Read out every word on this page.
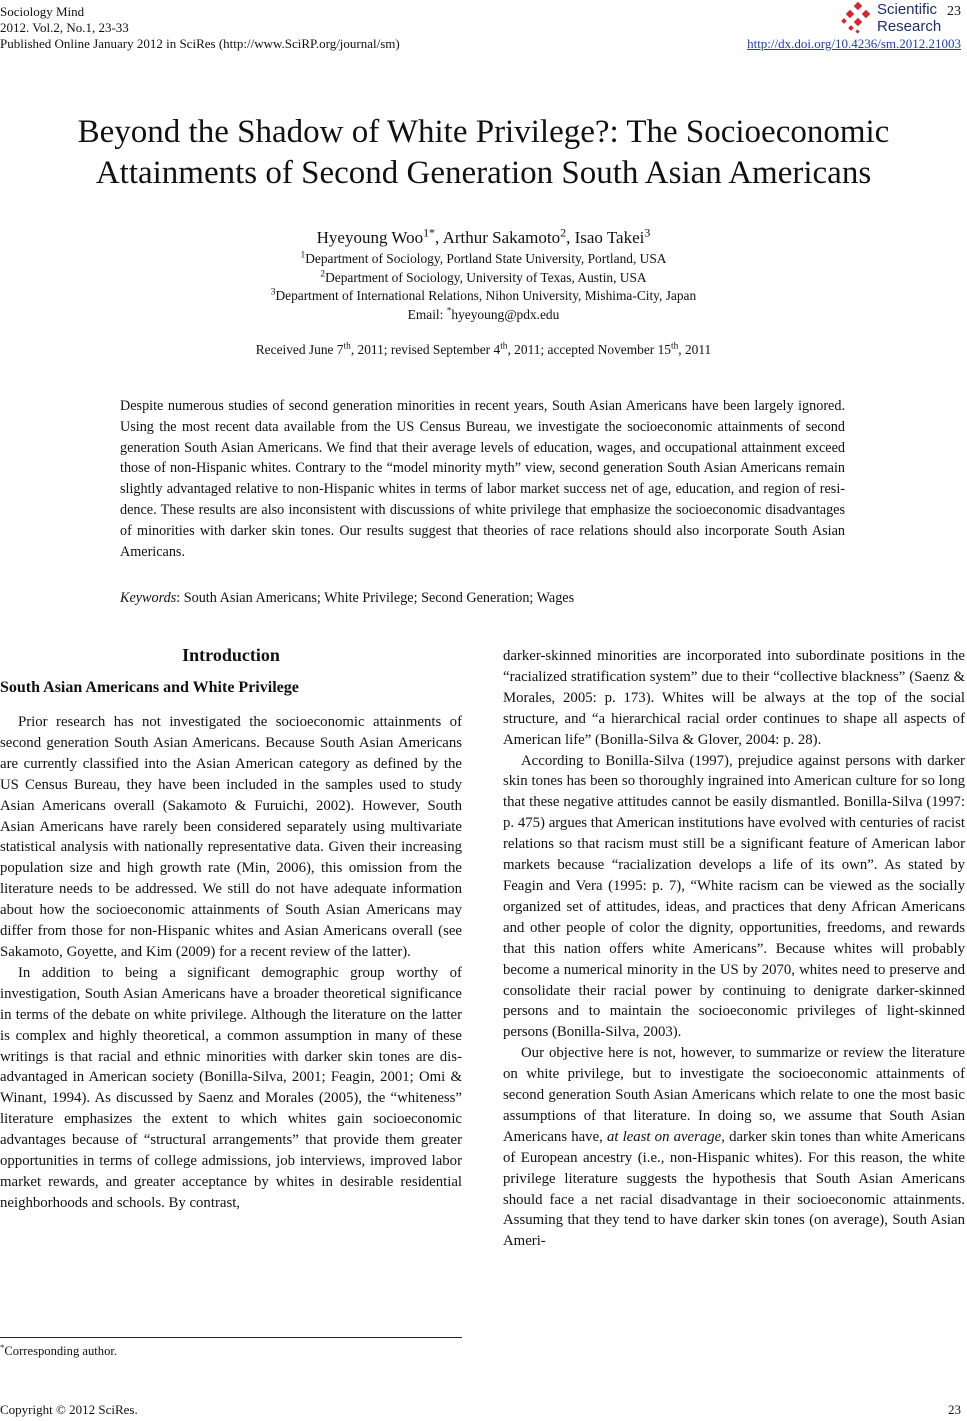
Sociology Mind
2012. Vol.2, No.1, 23-33
Published Online January 2012 in SciRes (http://www.SciRP.org/journal/sm)	http://dx.doi.org/10.4236/sm.2012.21003
Scientific
Research
23
Beyond the Shadow of White Privilege?: The Socioeconomic
Attainments of Second Generation South Asian Americans
Hyeyoung Woo$^{1*}$, Arthur Sakamoto$^2$, Isao Takei$^3$
$^1$Department of Sociology, Portland State University, Portland, USA
$^2$Department of Sociology, University of Texas, Austin, USA
$^3$Department of International Relations, Nihon University, Mishima-City, Japan
Email: *hyeyoung@pdx.edu
Received June 7th, 2011; revised September 4th, 2011; accepted November 15th, 2011

Despite numerous studies of second generation minorities in recent years, South Asian Americans have been largely ignored. Using the most recent data available from the US Census Bureau, we investigate the socioeconomic attainments of second generation South Asian Americans. We find that their average levels of education, wages, and occupational attainment exceed those of non-Hispanic whites. Contrary to the “model minority myth” view, second generation South Asian Americans remain slightly advantaged relative to non-Hispanic whites in terms of labor market success net of age, education, and region of residence. These results are also inconsistent with discussions of white privilege that emphasize the socioeconomic disadvantages of minorities with darker skin tones. Our results suggest that theories of race relations should also incorporate South Asian Americans.

Keywords: South Asian Americans; White Privilege; Second Generation; Wages
Introduction
South Asian Americans and White Privilege

Prior research has not investigated the socioeconomic attainments of second generation South Asian Americans. Because South Asian Americans are currently classified into the Asian American category as defined by the US Census Bureau, they have been included in the samples used to study Asian Americans overall (Sakamoto & Furuichi, 2002). However, South Asian Americans have rarely been considered separately using multivariate statistical analysis with nationally representative data. Given their increasing population size and high growth rate (Min, 2006), this omission from the literature needs to be addressed. We still do not have adequate information about how the socioeconomic attainments of South Asian Americans may differ from those for non-Hispanic whites and Asian Americans overall (see Sakamoto, Goyette, and Kim (2009) for a recent review of the latter).

In addition to being a significant demographic group worthy of investigation, South Asian Americans have a broader theoretical significance in terms of the debate on white privilege. Although the literature on the latter is complex and highly theoretical, a common assumption in many of these writings is that racial and ethnic minorities with darker skin tones are disadvantaged in American society (Bonilla-Silva, 2001; Feagin, 2001; Omi & Winant, 1994). As discussed by Saenz and Morales (2005), the “whiteness” literature emphasizes the extent to which whites gain socioeconomic advantages because of “structural arrangements” that provide them greater opportunities in terms of college admissions, job interviews, improved labor market rewards, and greater acceptance by whites in desirable residential neighborhoods and schools. By contrast,

darker-skinned minorities are incorporated into subordinate positions in the “racialized stratification system” due to their “collective blackness” (Saenz & Morales, 2005: p. 173). Whites will be always at the top of the social structure, and “a hierarchical racial order continues to shape all aspects of American life” (Bonilla-Silva & Glover, 2004: p. 28).

According to Bonilla-Silva (1997), prejudice against persons with darker skin tones has been so thoroughly ingrained into American culture for so long that these negative attitudes cannot be easily dismantled. Bonilla-Silva (1997: p. 475) argues that American institutions have evolved with centuries of racist relations so that racism must still be a significant feature of American labor markets because “racialization develops a life of its own”. As stated by Feagin and Vera (1995: p. 7), “White racism can be viewed as the socially organized set of attitudes, ideas, and practices that deny African Americans and other people of color the dignity, opportunities, freedoms, and rewards that this nation offers white Americans”. Because whites will probably become a numerical minority in the US by 2070, whites need to preserve and consolidate their racial power by continuing to denigrate darker-skinned persons and to maintain the socioeconomic privileges of light-skinned persons (Bonilla-Silva, 2003).

Our objective here is not, however, to summarize or review the literature on white privilege, but to investigate the socioeconomic attainments of second generation South Asian Americans which relate to one the most basic assumptions of that literature. In doing so, we assume that South Asian Americans have, at least on average, darker skin tones than white Americans of European ancestry (i.e., non-Hispanic whites). For this reason, the white privilege literature suggests the hypothesis that South Asian Americans should face a net racial disadvantage in their socioeconomic attainments. Assuming that they tend to have darker skin tones (on average), South Asian Ameri-

*Corresponding author.
Copyright © 2012 SciRes.	23
